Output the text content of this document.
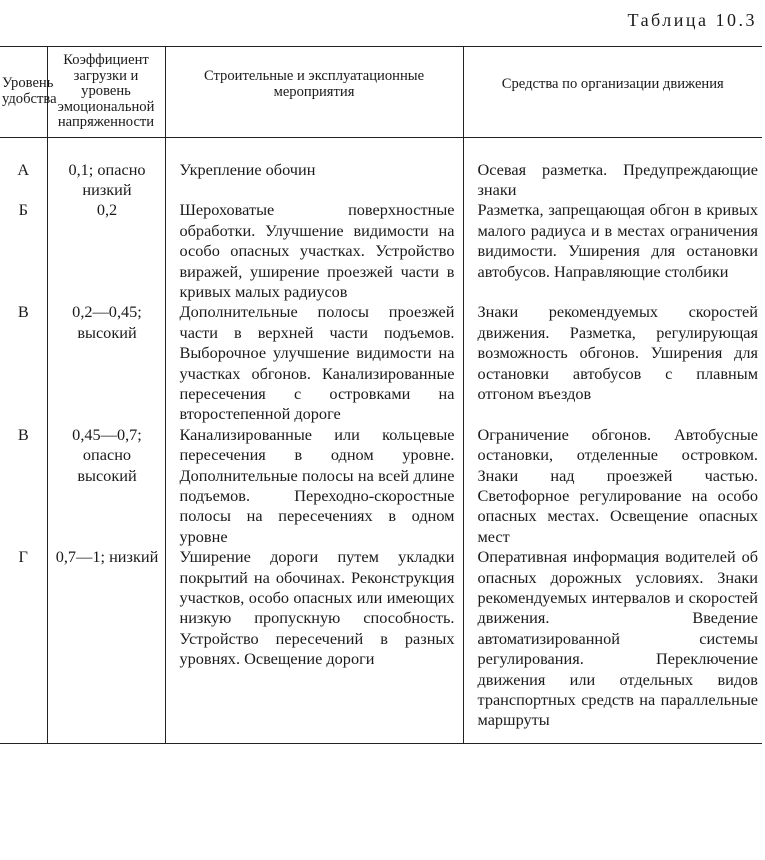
Таблица 10.3
Уровень удобства	Коэффициент загрузки и уровень эмоциональной напряженности	Строительные и эксплуатационные мероприятия	Средства по организации движения
А	0,1; опасно низкий	Укрепление обочин	Осевая разметка. Предупреждающие знаки
Б	0,2	Шероховатые поверхностные обработки. Улучшение видимости на особо опасных участках. Устройство виражей, уширение проезжей части в кривых малых радиусов	Разметка, запрещающая обгон в кривых малого радиуса и в местах ограничения видимости. Уширения для остановки автобусов. Направляющие столбики
В	0,2—0,45; высокий	Дополнительные полосы проезжей части в верхней части подъемов. Выборочное улучшение видимости на участках обгонов. Канализированные пересечения с островками на второстепенной дороге	Знаки рекомендуемых скоростей движения. Разметка, регулирующая возможность обгонов. Уширения для остановки автобусов с плавным отгоном въездов
В	0,45—0,7; опасно высокий	Канализированные или кольцевые пересечения в одном уровне. Дополнительные полосы на всей длине подъемов. Переходно-скоростные полосы на пересечениях в одном уровне	Ограничение обгонов. Автобусные остановки, отделенные островком. Знаки над проезжей частью. Светофорное регулирование на особо опасных местах. Освещение опасных мест
Г	0,7—1; низкий	Уширение дороги путем укладки покрытий на обочинах. Реконструкция участков, особо опасных или имеющих низкую пропускную способность. Устройство пересечений в разных уровнях. Освещение дороги	Оперативная информация водителей об опасных дорожных условиях. Знаки рекомендуемых интервалов и скоростей движения. Введение автоматизированной системы регулирования. Переключение движения или отдельных видов транспортных средств на параллельные маршруты
